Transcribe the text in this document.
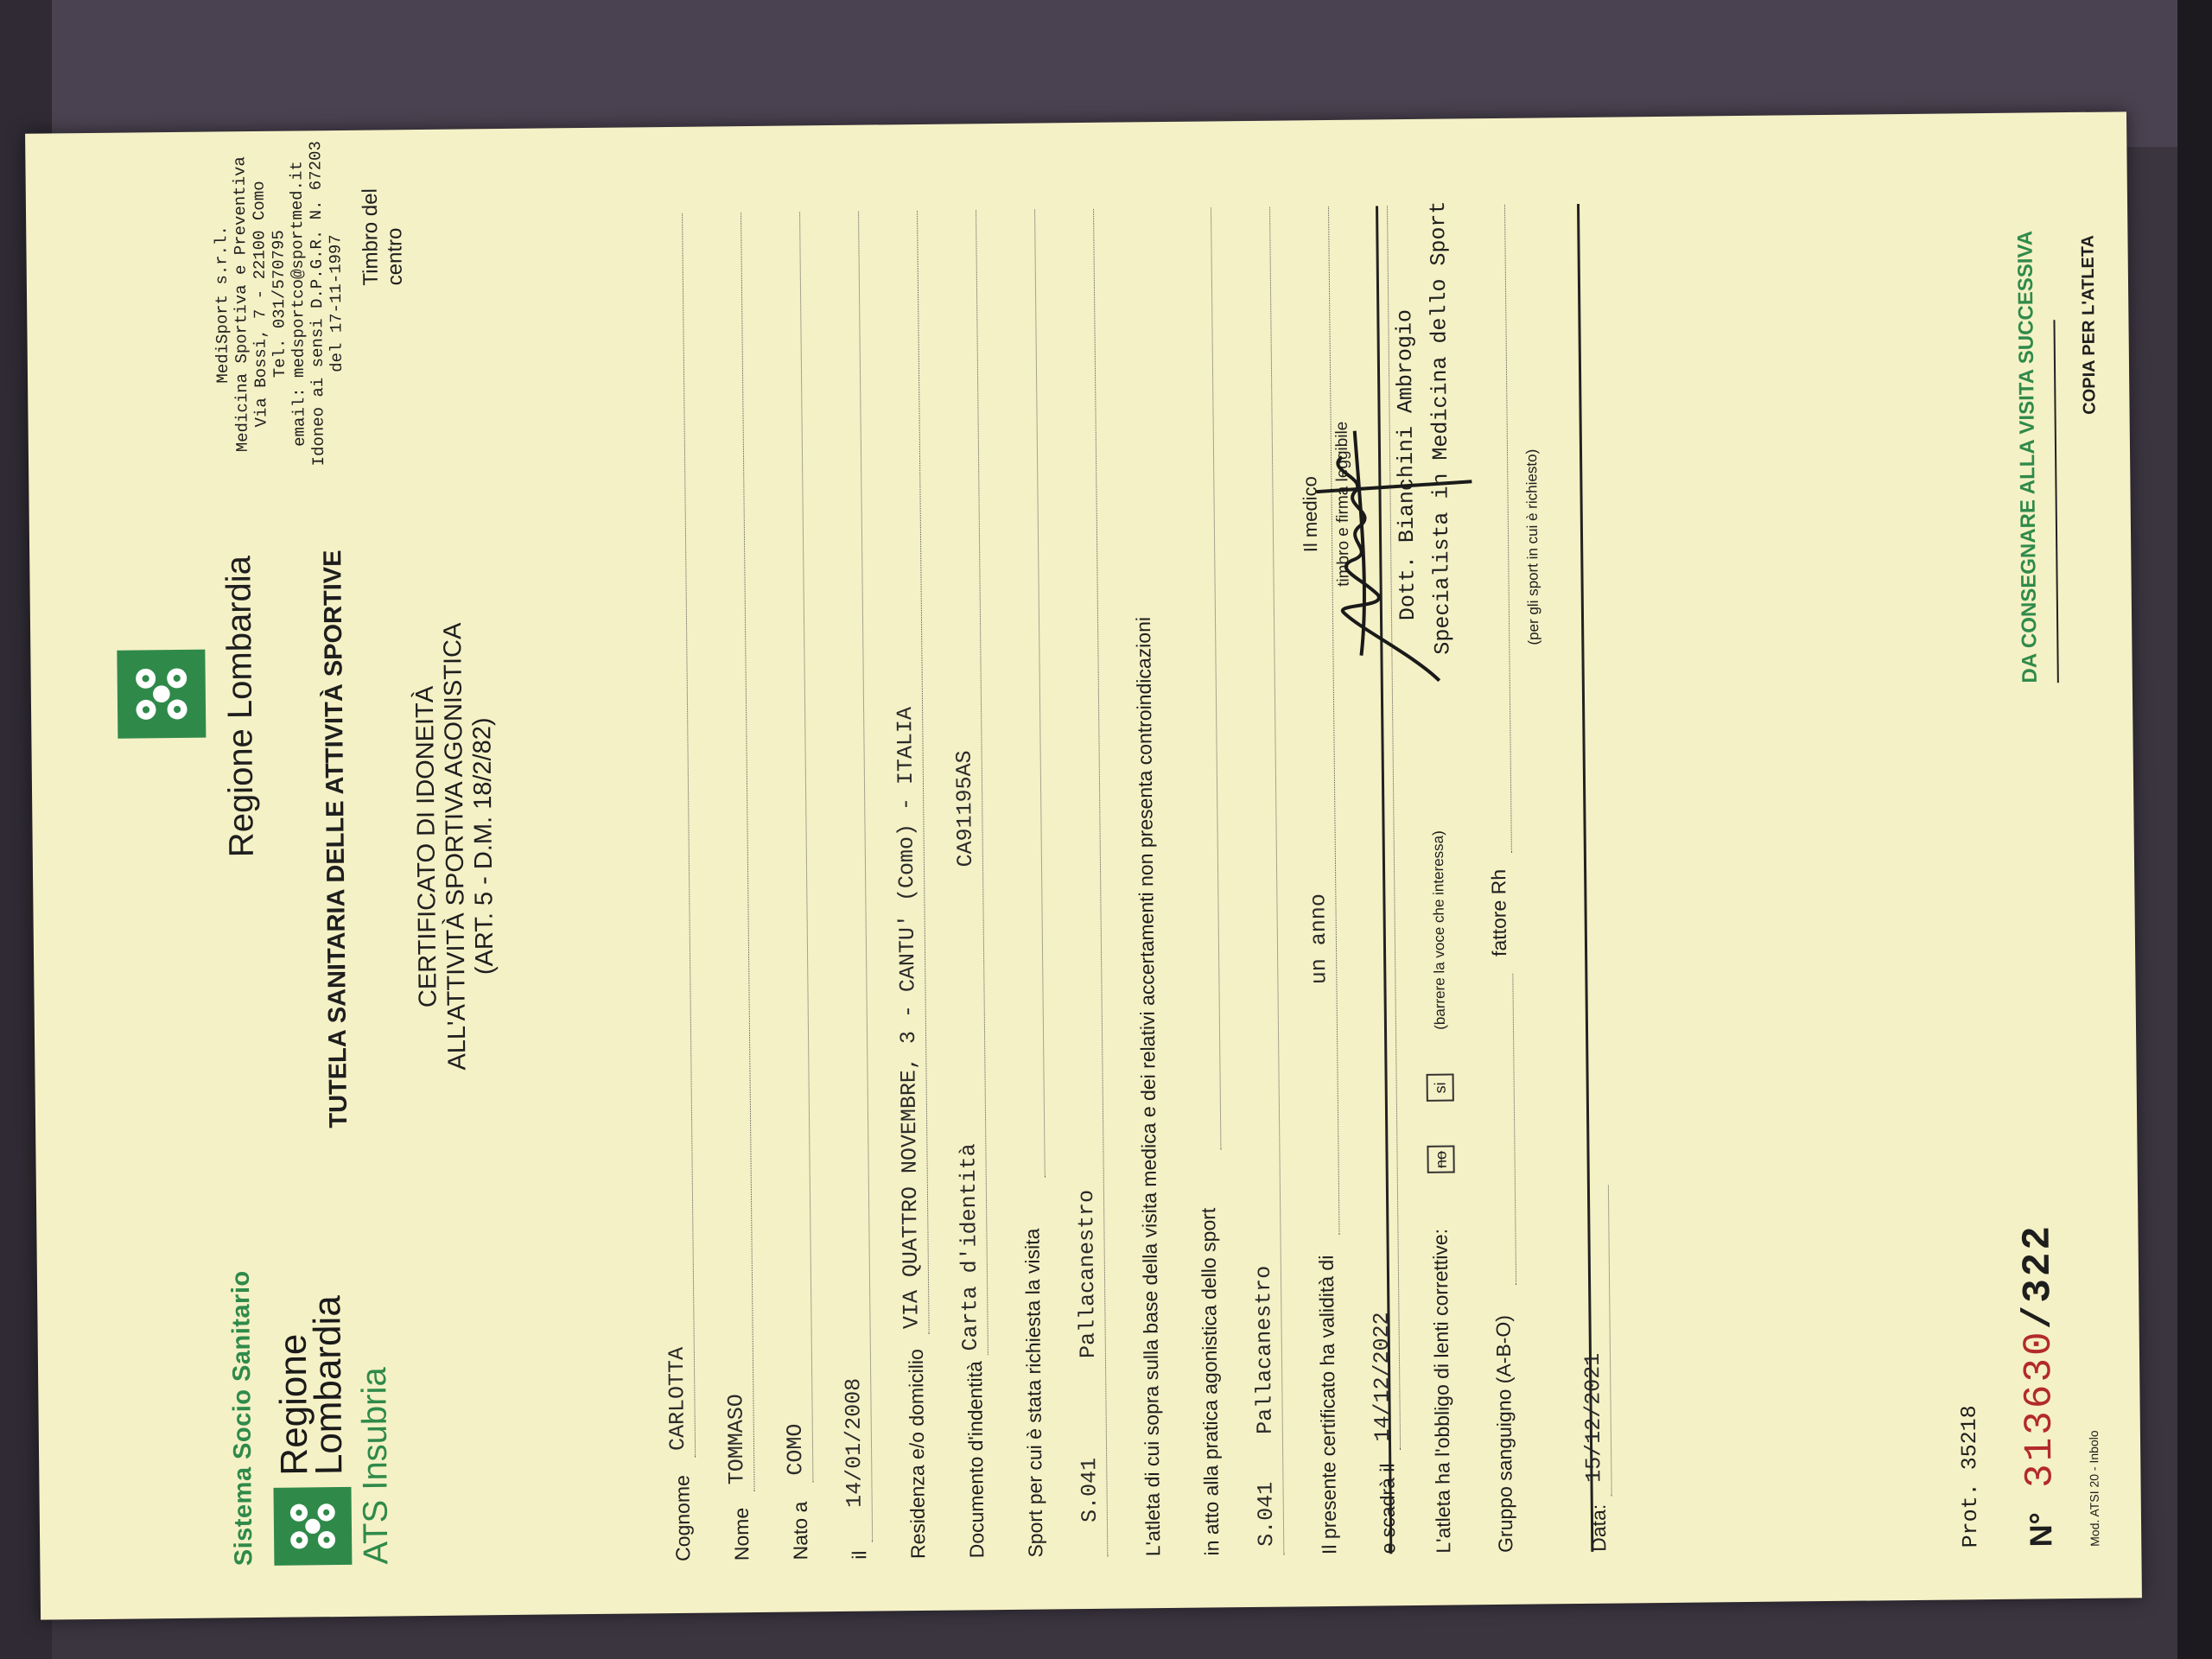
Sistema Socio Sanitario Regione
Lombardia ATS Insubria
Regione Lombardia TUTELA SANITARIA DELLE ATTIVITÀ SPORTIVE
MediSport s.r.l.
Medicina Sportiva e Preventiva
Via Bossi, 7 - 22100 Como
Tel. 031/570795
email: medsportco@sportmed.it
Idoneo ai sensi D.P.G.R. N. 67203
del 17-11-1997 Timbro del centro
CERTIFICATO DI IDONEITÀ
ALL'ATTIVITÀ SPORTIVA AGONISTICA
(ART. 5 - D.M. 18/2/82)
Cognome
CARLOTTA
Nome
TOMMASO
Nato a
COMO
il
14/01/2008 Residenza e/o domicilio
VIA QUATTRO NOVEMBRE, 3 - CANTU' (Como) - ITALIA
Documento d'indentità
Carta d'identità
CA91195AS
Sport per cui è stata richiesta la visita S.041
Pallacanestro L'atleta di cui sopra sulla base della visita medica e dei relativi accertamenti non presenta controindicazioni in atto alla pratica agonistica dello sport S.041
Pallacanestro Il presente certificato ha validità di
un anno
e scadrà il
14/12/2022 L'atleta ha l'obbligo di lenti correttive:          no        si        (barrere la voce che interessa)
Gruppo sanguigno (A-B-O)
fattore Rh
(per gli sport in cui è richiesto)
Data:
15/12/2021
Il medico timbro e firma leggibile Dott. Bianchini Ambrogio Specialista in Medicina dello Sport
Prot. 35218 N°313630/322
DA CONSEGNARE ALLA VISITA SUCCESSIVA
Mod. ATSI 20 - Inbolo
COPIA PER L'ATLETA
